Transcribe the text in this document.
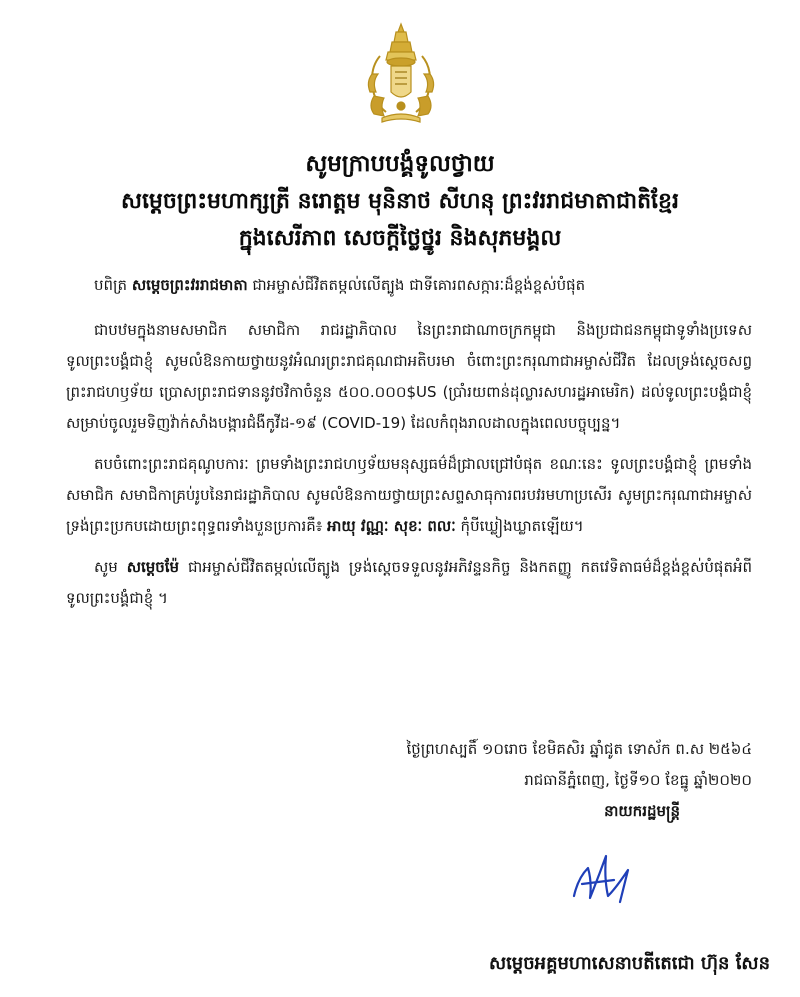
សូមក្រាបបង្គំទូលថ្វាយ
សម្តេចព្រះមហាក្សត្រី នរោត្តម មុនិនាថ សីហនុ ព្រះវររាជមាតាជាតិខ្មែរ
ក្នុងសេរីភាព សេចក្តីថ្លៃថ្នូរ និងសុភមង្គល

បពិត្រ សម្តេចព្រះវររាជមាតា ជាអម្ចាស់ជីវិតតម្កល់លើត្បូង ជាទីគោរពសក្ការៈដ៏ខ្ពង់ខ្ពស់បំផុត

ជាបឋមក្នុងនាមសមាជិក សមាជិកា រាជរដ្ឋាភិបាល នៃព្រះរាជាណាចក្រកម្ពុជា និងប្រជាជនកម្ពុជាទូទាំងប្រទេស ទូលព្រះបង្គំជាខ្ញុំ សូមលំឱនកាយថ្វាយនូវអំណរព្រះរាជគុណជាអតិបរមា ចំពោះព្រះករុណាជាអម្ចាស់ជីវិត ដែលទ្រង់ស្តេចសព្វព្រះរាជហឫទ័យ ប្រោសព្រះរាជទាននូវថវិកាចំនួន ៥០០.០០០$US (ប្រាំរយពាន់ដុល្លារសហរដ្ឋអាមេរិក) ដល់ទូលព្រះបង្គំជាខ្ញុំ សម្រាប់ចូលរួមទិញវ៉ាក់សាំងបង្ការជំងឺកូវីដ-១៩ (COVID-19) ដែលកំពុងរាលដាលក្នុងពេលបច្ចុប្បន្ន។

តបចំពោះព្រះរាជគុណូបការៈ ព្រមទាំងព្រះរាជហឫទ័យមនុស្សធម៌ដ៏ជ្រាលជ្រៅបំផុត ខណៈនេះ ទូលព្រះបង្គំជាខ្ញុំ ព្រមទាំងសមាជិក សមាជិកាគ្រប់រូបនៃរាជរដ្ឋាភិបាល សូមលំឱនកាយថ្វាយព្រះសព្ទសាធុការពរបវរមហាប្រសើរ សូមព្រះករុណាជាអម្ចាស់ ទ្រង់ព្រះប្រកបដោយព្រះពុទ្ធពរទាំងបួនប្រការគឺ៖ អាយុ វណ្ណៈ សុខៈ ពលៈ កុំបីឃ្លៀងឃ្លាតឡើយ។

សូម សម្តេចម៉ែ ជាអម្ចាស់ជីវិតតម្កល់លើត្បូង ទ្រង់ស្តេចទទួលនូវអភិវន្ទនកិច្ច និងកតញ្ញូ កតវេទិតាធម៌ដ៏ខ្ពង់ខ្ពស់បំផុតអំពីទូលព្រះបង្គំជាខ្ញុំ ។

ថ្ងៃព្រហស្បតិ៍ ១០រោច ខែមិគសិរ ឆ្នាំជូត ទោស័ក ព.ស ២៥៦៤
រាជធានីភ្នំពេញ, ថ្ងៃទី១០ ខែធ្នូ ឆ្នាំ២០២០
នាយករដ្ឋមន្ត្រី
សម្តេចអគ្គមហាសេនាបតីតេជោ ហ៊ុន សែន
